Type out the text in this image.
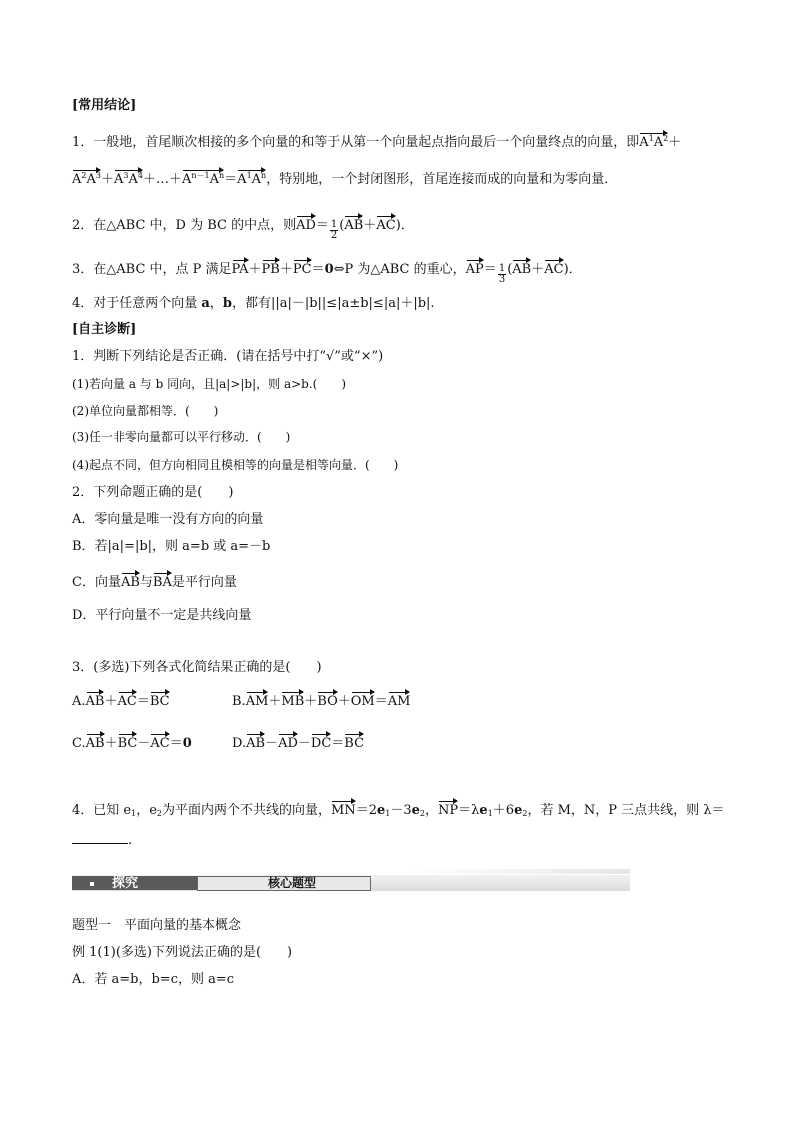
[常用结论]
1．一般地，首尾顺次相接的多个向量的和等于从第一个向量起点指向最后一个向量终点的向量，即$A^1A^2+$
$A^2A^3+A^3A^4+\dots+A^{n-1}A^n=A^1A^n$，特别地，一个封闭图形，首尾连接而成的向量和为零向量．
2．在△ABC 中，D 为 BC 的中点，则$AD= \frac{1}{2} (AB+AC)$．
3．在△ABC 中，点 P 满足PA＋PB＋PC＝0⇔P 为△ABC 的重心，$AP= \frac{1}{3} (AB+AC)$．
4．对于任意两个向量 a，b，都有||a|－|b||≤|a±b|≤|a|＋|b|.
[自主诊断]
1．判断下列结论是否正确．(请在括号中打“√”或“×”)
(1)若向量 a 与 b 同向，且|a|>|b|，则 a>b.(　　)
(2)单位向量都相等．(　　)
(3)任一非零向量都可以平行移动．(　　)
(4)起点不同，但方向相同且模相等的向量是相等向量．(　　)
2．下列命题正确的是(　　)
A．零向量是唯一没有方向的向量
B．若|a|=|b|，则 a=b 或 a=－b
C．向量AB与BA是平行向量
D．平行向量不一定是共线向量
3．(多选)下列各式化简结果正确的是(　　)
A.AB＋AC＝BC	B.AM＋MB＋BO＋OM＝AM
C.AB＋BC－AC＝0	D.AB－AD－DC＝BC
4．已知 $e_1$，$e_2$为平面内两个不共线的向量，$MN=2e_1-3e_2$，$NP=\lambda e_1+6e_2$，若 M，N，P 三点共线，则 λ＝
.
探究	核心题型
题型一　平面向量的基本概念
例 1(1)(多选)下列说法正确的是(　　)
A．若 a=b，b=c，则 a=c
